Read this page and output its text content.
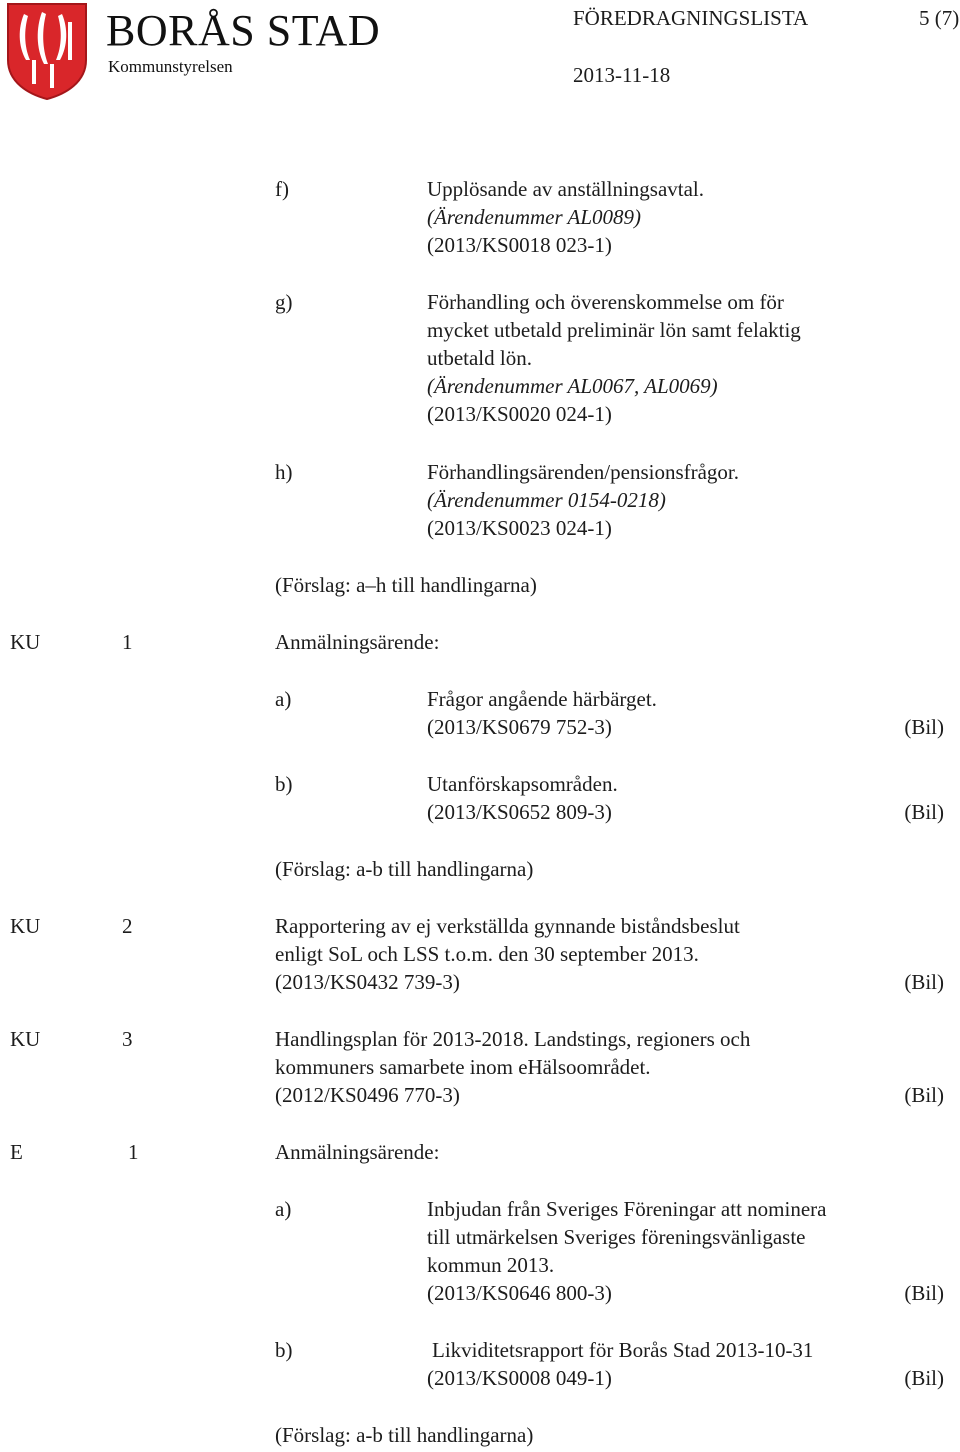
BORÅS STAD
Kommunstyrelsen
FÖREDRAGNINGSLISTA	5 (7)
2013-11-18
f)	Upplösande av anställningsavtal.
(Ärendenummer AL0089)
(2013/KS0018 023-1)
g)	Förhandling och överenskommelse om för
mycket utbetald preliminär lön samt felaktig
utbetald lön.
(Ärendenummer AL0067, AL0069)
(2013/KS0020 024-1)
h)	Förhandlingsärenden/pensionsfrågor.
(Ärendenummer 0154-0218)
(2013/KS0023 024-1)
(Förslag: a–h till handlingarna)
KU	1	Anmälningsärende:
a)	Frågor angående härbärget.
(2013/KS0679 752-3)	(Bil)
b)	Utanförskapsområden.
(2013/KS0652 809-3)	(Bil)
(Förslag: a-b till handlingarna)
KU	2	Rapportering av ej verkställda gynnande biståndsbeslut
enligt SoL och LSS t.o.m. den 30 september 2013.
(2013/KS0432 739-3)	(Bil)
KU	3	Handlingsplan för 2013-2018. Landstings, regioners och
kommuners samarbete inom eHälsoområdet.
(2012/KS0496 770-3)	(Bil)
E	1	Anmälningsärende:
a)	Inbjudan från Sveriges Föreningar att nominera
till utmärkelsen Sveriges föreningsvänligaste
kommun 2013.
(2013/KS0646 800-3)	(Bil)
b)	Likviditetsrapport för Borås Stad 2013-10-31
(2013/KS0008 049-1)	(Bil)
(Förslag: a-b till handlingarna)
